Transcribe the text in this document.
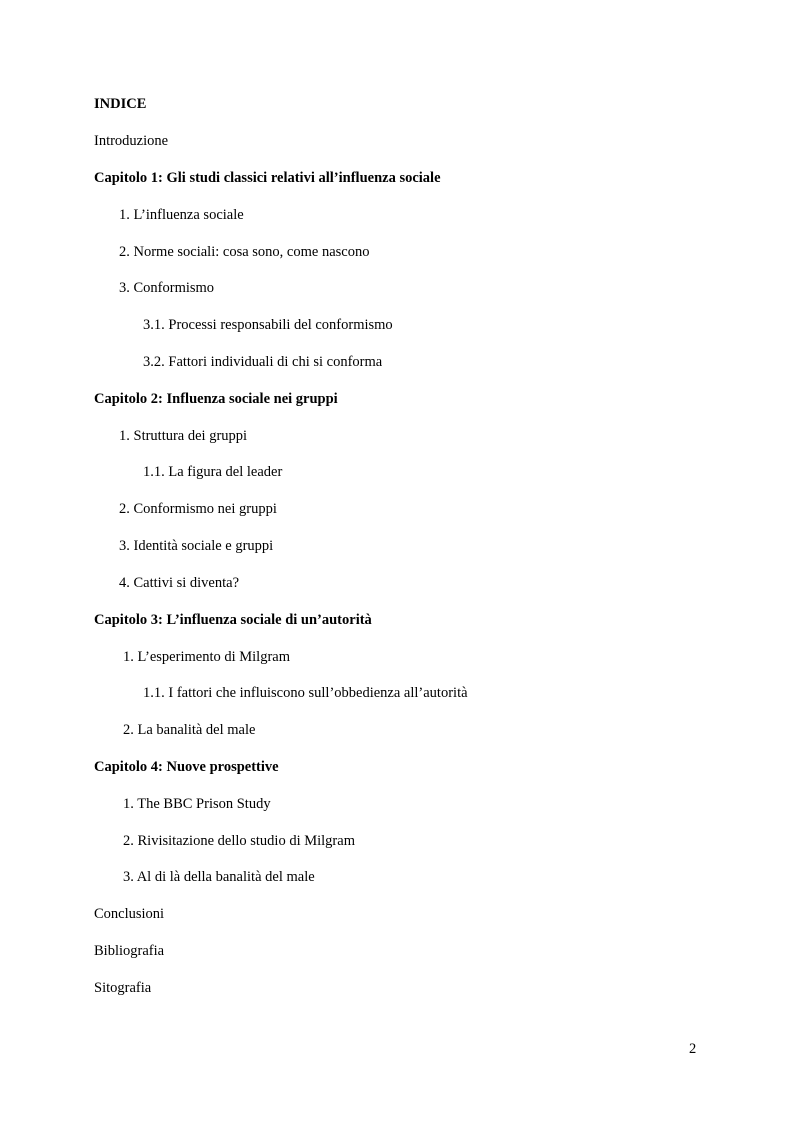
INDICE
Introduzione
Capitolo 1: Gli studi classici relativi all’influenza sociale
1. L’influenza sociale
2. Norme sociali: cosa sono, come nascono
3. Conformismo
3.1. Processi responsabili del conformismo
3.2. Fattori individuali di chi si conforma
Capitolo 2: Influenza sociale nei gruppi
1. Struttura dei gruppi
1.1. La figura del leader
2. Conformismo nei gruppi
3. Identità sociale e gruppi
4. Cattivi si diventa?
Capitolo 3: L’influenza sociale di un’autorità
1. L’esperimento di Milgram
1.1. I fattori che influiscono sull’obbedienza all’autorità
2. La banalità del male
Capitolo 4: Nuove prospettive
1. The BBC Prison Study
2. Rivisitazione dello studio di Milgram
3. Al di là della banalità del male
Conclusioni
Bibliografia
Sitografia
2
